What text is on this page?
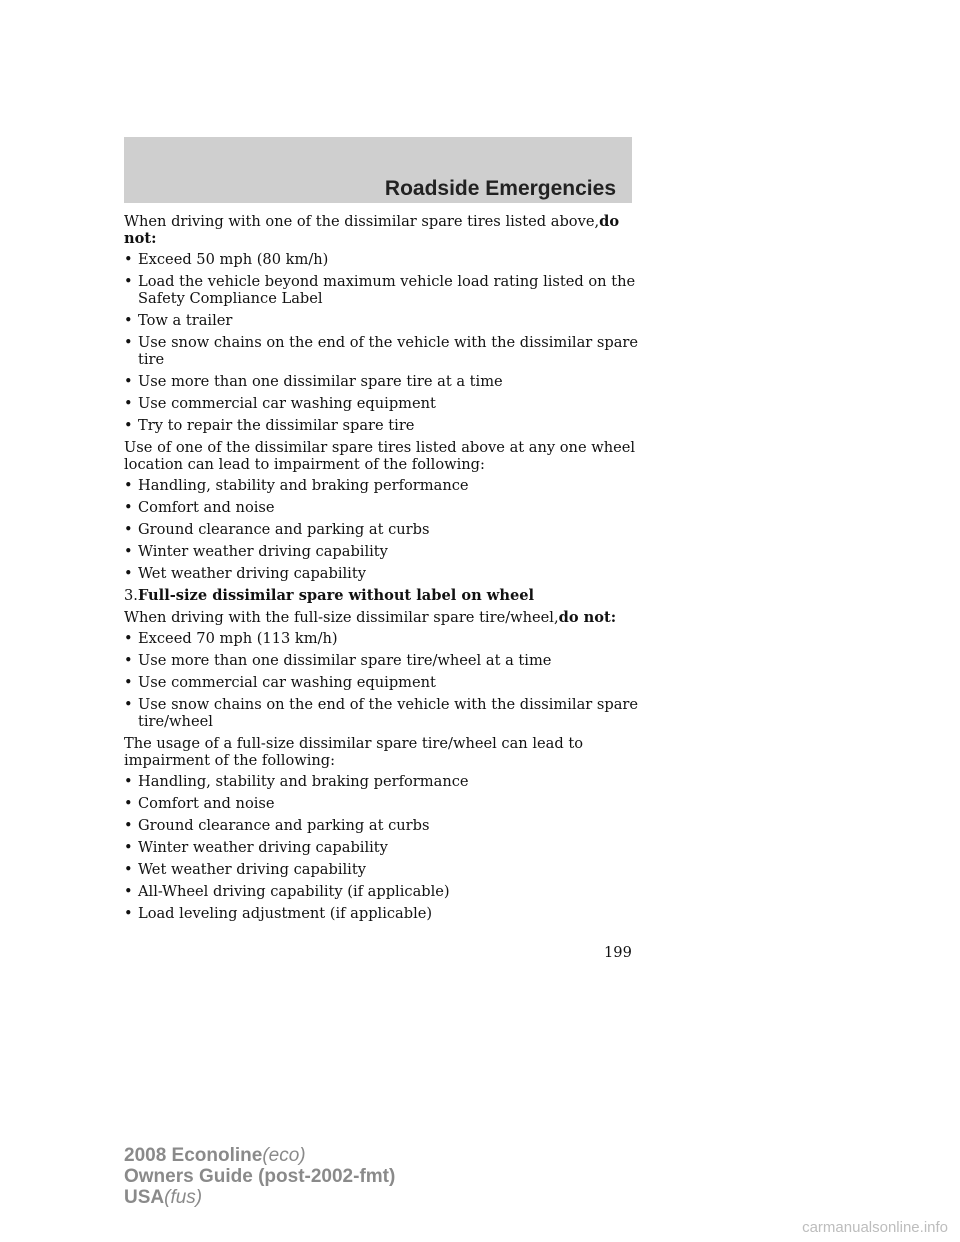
Roadside Emergencies

When driving with one of the dissimilar spare tires listed above,do not:

• Exceed 50 mph (80 km/h)
• Load the vehicle beyond maximum vehicle load rating listed on the Safety Compliance Label
• Tow a trailer
• Use snow chains on the end of the vehicle with the dissimilar spare tire
• Use more than one dissimilar spare tire at a time
• Use commercial car washing equipment
• Try to repair the dissimilar spare tire

Use of one of the dissimilar spare tires listed above at any one wheel location can lead to impairment of the following:

• Handling, stability and braking performance
• Comfort and noise
• Ground clearance and parking at curbs
• Winter weather driving capability
• Wet weather driving capability

3.Full-size dissimilar spare without label on wheel

When driving with the full-size dissimilar spare tire/wheel,do not:

• Exceed 70 mph (113 km/h)
• Use more than one dissimilar spare tire/wheel at a time
• Use commercial car washing equipment
• Use snow chains on the end of the vehicle with the dissimilar spare tire/wheel

The usage of a full-size dissimilar spare tire/wheel can lead to impairment of the following:

• Handling, stability and braking performance
• Comfort and noise
• Ground clearance and parking at curbs
• Winter weather driving capability
• Wet weather driving capability
• All-Wheel driving capability (if applicable)
• Load leveling adjustment (if applicable)
199
2008 Econoline(eco)
Owners Guide (post-2002-fmt)
USA(fus)
carmanualsonline.info
